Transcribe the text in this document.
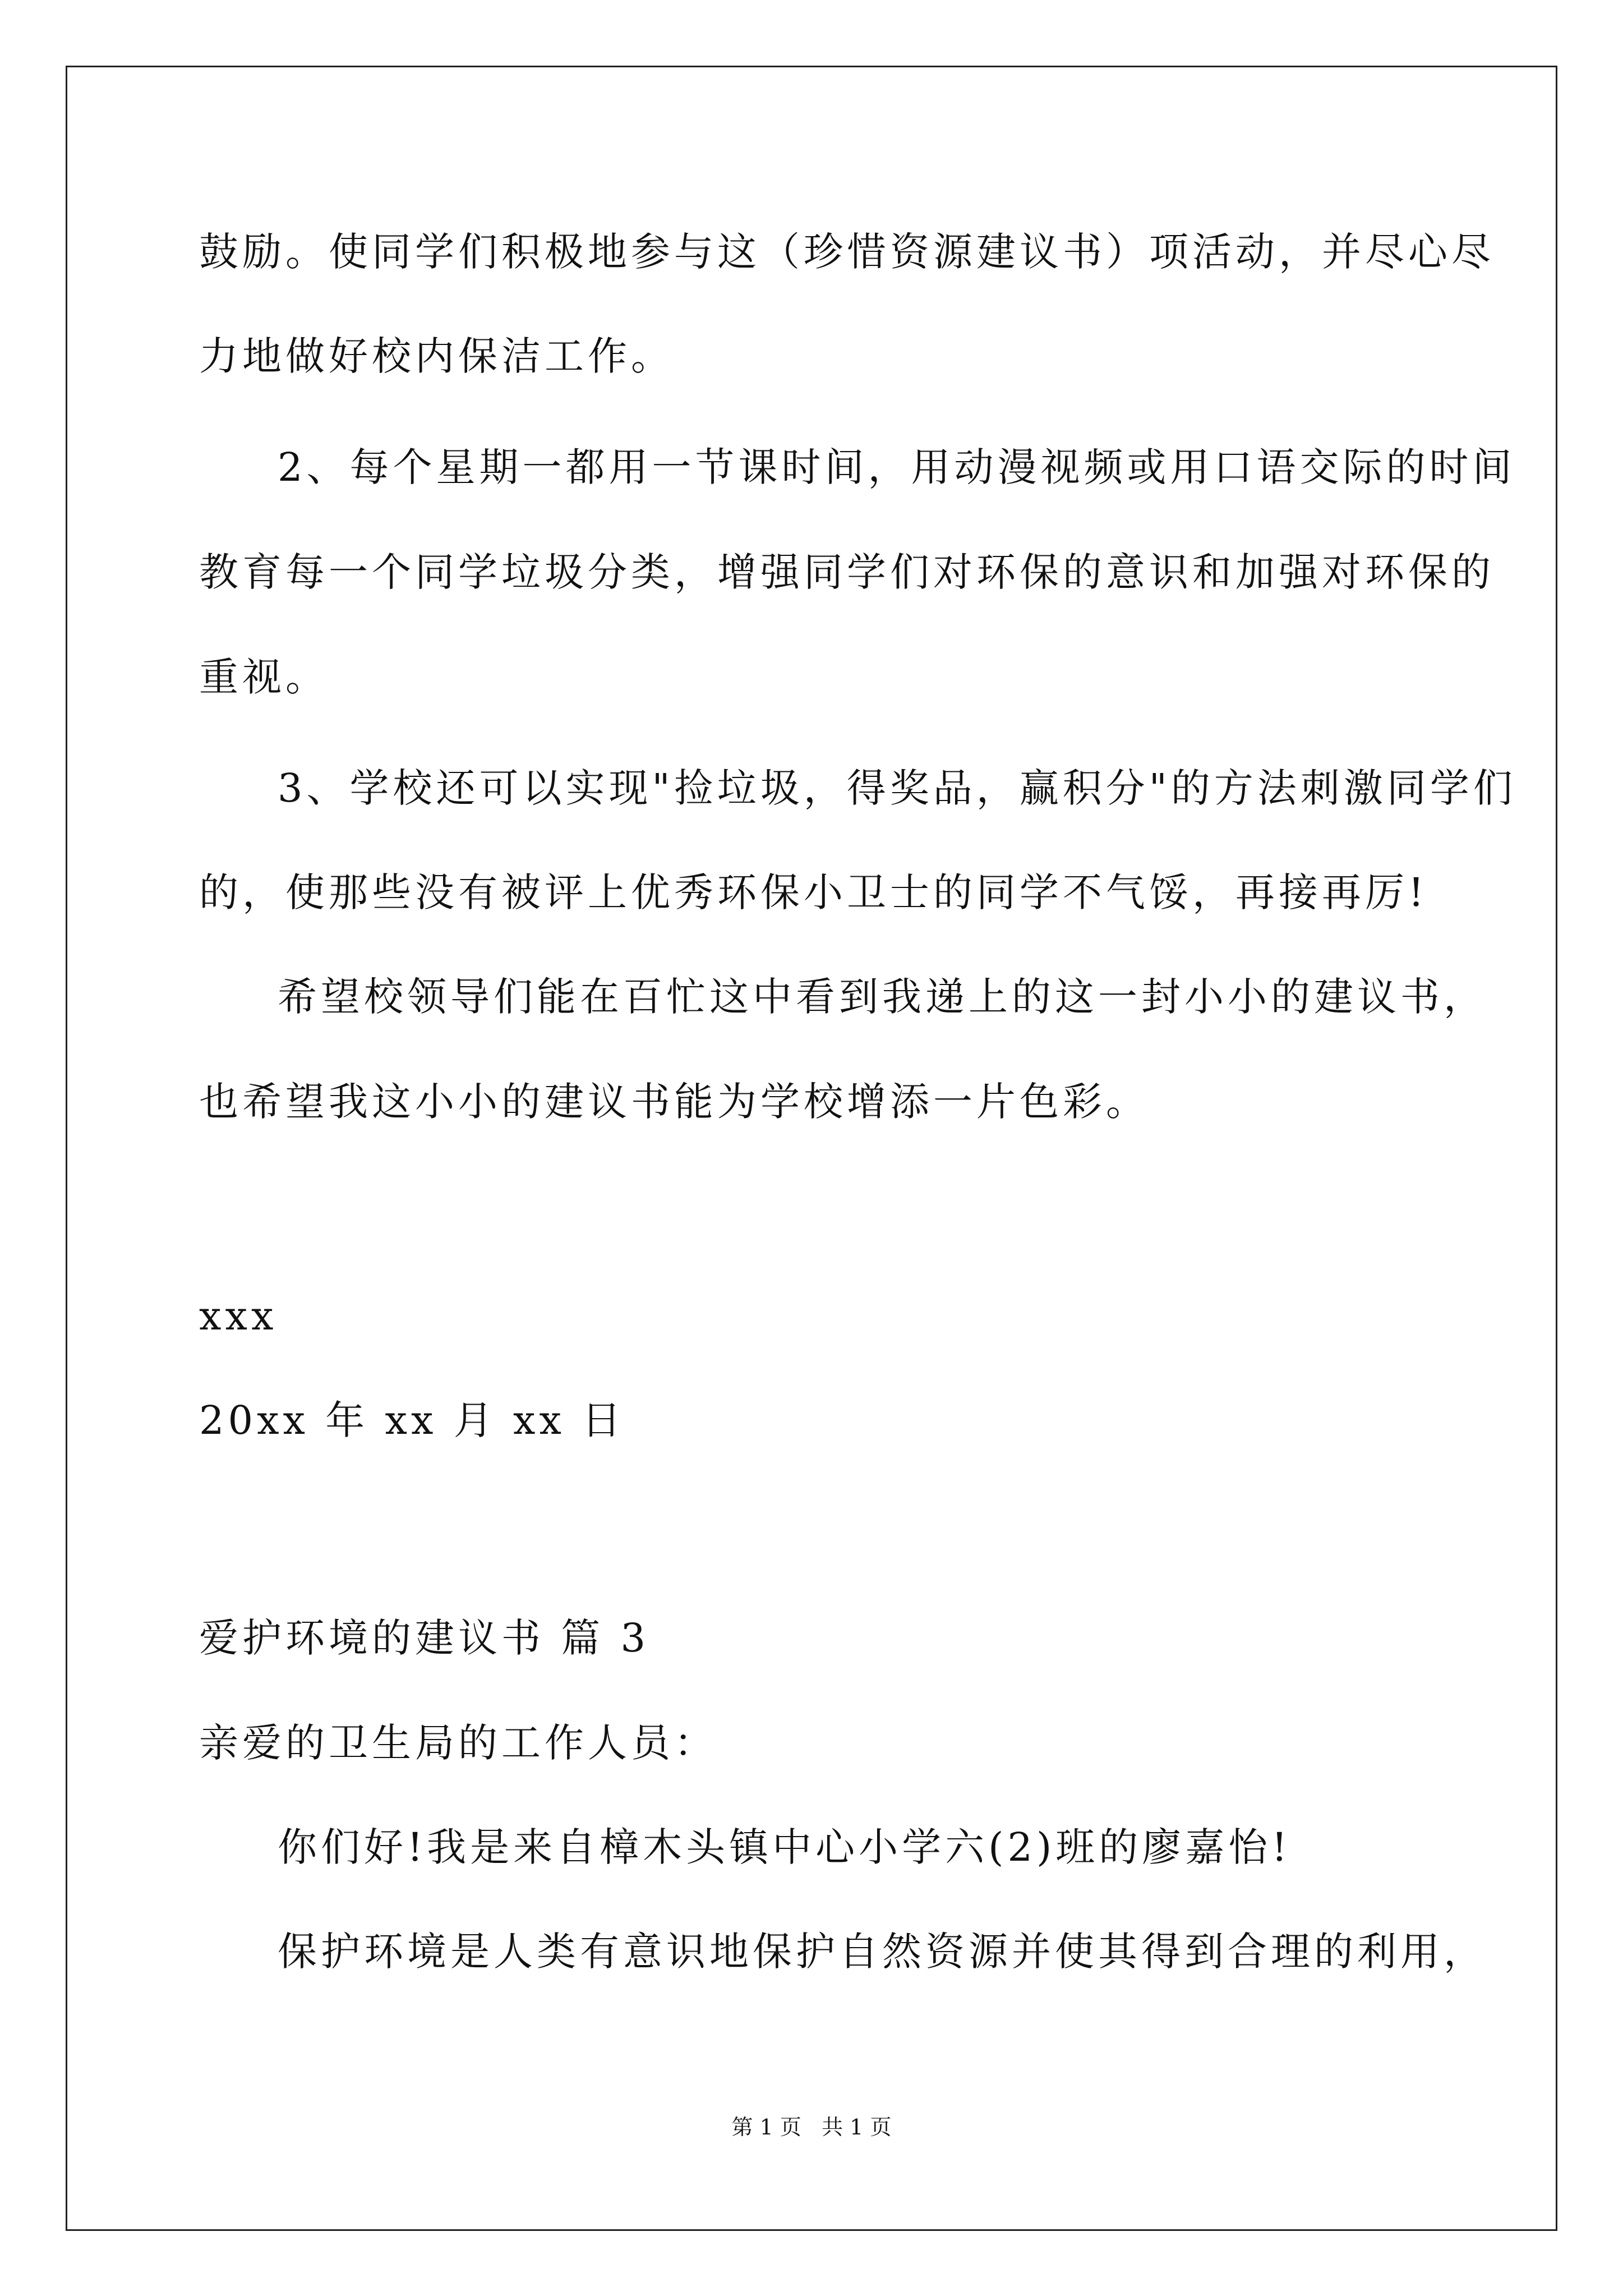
鼓励。使同学们积极地参与这（珍惜资源建议书）项活动，并尽心尽
力地做好校内保洁工作。
2、每个星期一都用一节课时间，用动漫视频或用口语交际的时间
教育每一个同学垃圾分类，增强同学们对环保的意识和加强对环保的
重视。
3、学校还可以实现"捡垃圾，得奖品，赢积分"的方法刺激同学们
的，使那些没有被评上优秀环保小卫士的同学不气馁，再接再厉!
希望校领导们能在百忙这中看到我递上的这一封小小的建议书，
也希望我这小小的建议书能为学校增添一片色彩。
xxx
20xx 年 xx 月 xx 日
爱护环境的建议书 篇 3
亲爱的卫生局的工作人员：
你们好!我是来自樟木头镇中心小学六(2)班的廖嘉怡!
保护环境是人类有意识地保护自然资源并使其得到合理的利用，
第 1 页   共 1 页
